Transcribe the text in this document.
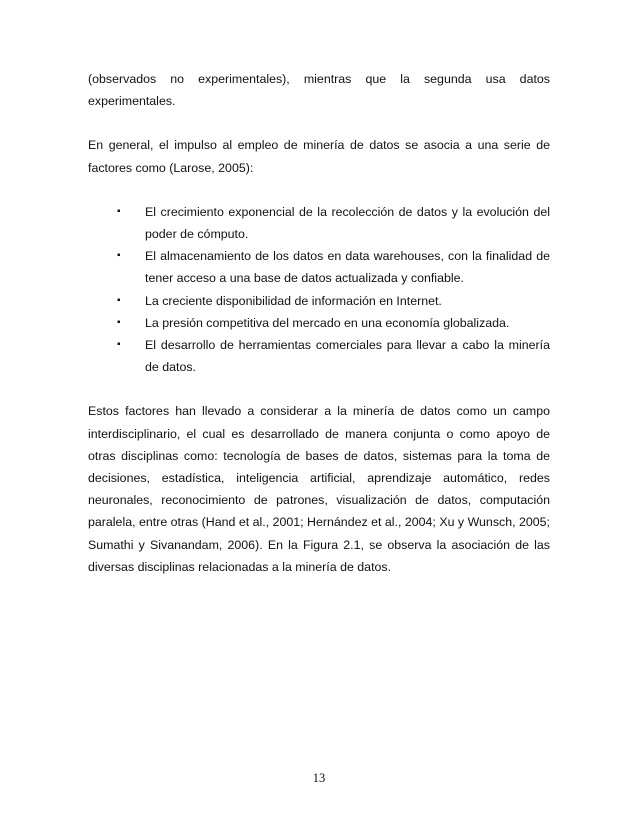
(observados no experimentales), mientras que la segunda usa datos experimentales.

En general, el impulso al empleo de minería de datos se asocia a una serie de factores como (Larose, 2005):

▪ El crecimiento exponencial de la recolección de datos y la evolución del poder de cómputo.
▪ El almacenamiento de los datos en data warehouses, con la finalidad de tener acceso a una base de datos actualizada y confiable.
▪ La creciente disponibilidad de información en Internet.
▪ La presión competitiva del mercado en una economía globalizada.
▪ El desarrollo de herramientas comerciales para llevar a cabo la minería de datos.

Estos factores han llevado a considerar a la minería de datos como un campo interdisciplinario, el cual es desarrollado de manera conjunta o como apoyo de otras disciplinas como: tecnología de bases de datos, sistemas para la toma de decisiones, estadística, inteligencia artificial, aprendizaje automático, redes neuronales, reconocimiento de patrones, visualización de datos, computación paralela, entre otras (Hand et al., 2001; Hernández et al., 2004; Xu y Wunsch, 2005; Sumathi y Sivanandam, 2006). En la Figura 2.1, se observa la asociación de las diversas disciplinas relacionadas a la minería de datos.

13
